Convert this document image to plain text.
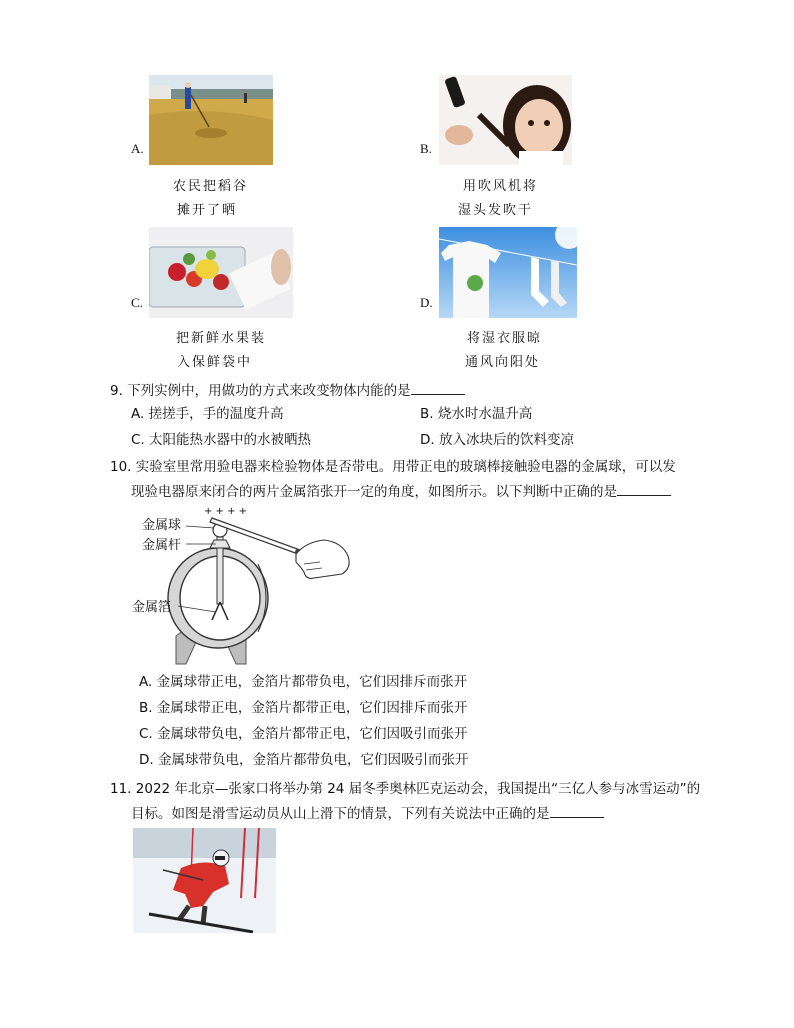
A.
农民把稻谷
摊开了晒
B.
用吹风机将
湿头发吹干
C.
把新鲜水果装
入保鲜袋中
D.
将湿衣服晾
通风向阳处
9. 下列实例中，用做功的方式来改变物体内能的是
A. 搓搓手，手的温度升高	B. 烧水时水温升高
C. 太阳能热水器中的水被晒热	D. 放入冰块后的饮料变凉
10. 实验室里常用验电器来检验物体是否带电。用带正电的玻璃棒接触验电器的金属球，可以发
现验电器原来闭合的两片金属箔张开一定的角度，如图所示。以下判断中正确的是
金属球
金属杆
金属箔
+ + + +
A. 金属球带正电，金箔片都带负电，它们因排斥而张开
B. 金属球带正电，金箔片都带正电，它们因排斥而张开
C. 金属球带负电，金箔片都带正电，它们因吸引而张开
D. 金属球带负电，金箔片都带负电，它们因吸引而张开
11. 2022 年北京—张家口将举办第 24 届冬季奥林匹克运动会，我国提出“三亿人参与冰雪运动”的
目标。如图是滑雪运动员从山上滑下的情景，下列有关说法中正确的是
